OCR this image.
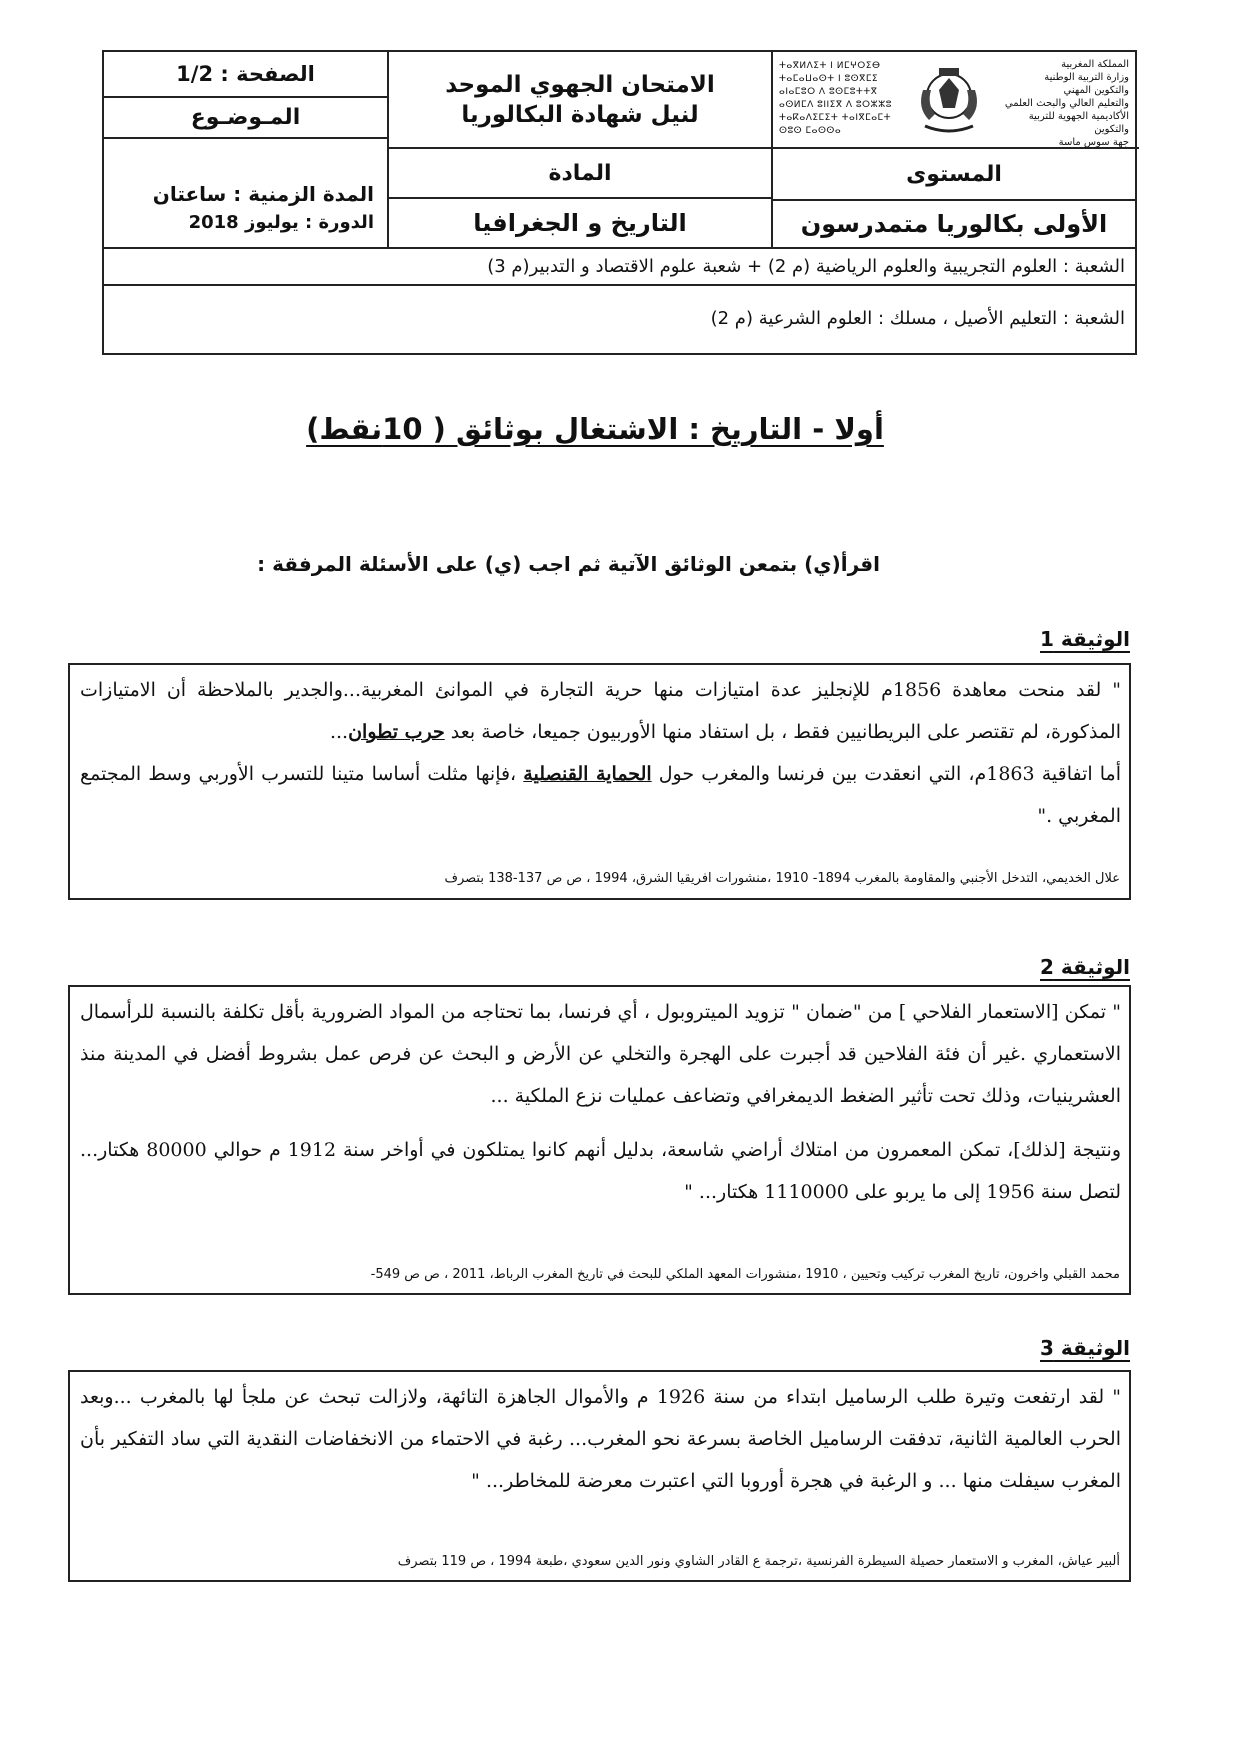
الصفحة : 1/2
المـوضـوع
المدة الزمنية : ساعتان
الدورة : يوليوز 2018
الامتحان الجهوي الموحد
لنيل شهادة البكالوريا
المادة
التاريخ و الجغرافيا
ⵜⴰⴳⵍⴷⵉⵜ ⵏ ⵍⵎⵖⵔⵉⴱ
ⵜⴰⵎⴰⵡⴰⵙⵜ ⵏ ⵓⵙⴳⵎⵉ
ⴰⵏⴰⵎⵓⵔ ⴷ ⵓⵙⵎⵓⵜⵜⴳ
ⴰⵙⵍⵎⴷ ⵓⵏⵏⵉⴳ ⴷ ⵓⵔⵣⵣⵓ
ⵜⴰⴽⴰⴷⵉⵎⵉⵜ ⵜⴰⵏⴳⵎⴰⵎⵜ
ⵙⵓⵙ ⵎⴰⵙⵙⴰ
المملكة المغربية
وزارة التربية الوطنية
والتكوين المهني
والتعليم العالي والبحث العلمي
الأكاديمية الجهوية للتربية والتكوين
جهة سوس ماسة
المستوى
الأولى بكالوريا متمدرسون
الشعبة : العلوم التجريبية والعلوم الرياضية (م 2) + شعبة علوم الاقتصاد و التدبير(م 3)
الشعبة : التعليم الأصيل ، مسلك : العلوم الشرعية (م 2)
أولا - التاريخ : الاشتغال بوثائق ( 10نقط)
اقرأ(ي) بتمعن الوثائق الآتية ثم اجب (ي) على الأسئلة المرفقة :
الوثيقة 1

" لقد منحت معاهدة 1856م للإنجليز عدة امتيازات منها حرية التجارة في الموانئ المغربية...والجدير بالملاحظة أن الامتيازات المذكورة، لم تقتصر على البريطانيين فقط ، بل استفاد منها الأوربيون جميعا، خاصة بعد حرب تطوان...

أما اتفاقية 1863م، التي انعقدت بين فرنسا والمغرب حول الحماية القنصلية ،فإنها مثلت أساسا متينا للتسرب الأوربي وسط المجتمع المغربي ."

علال الخديمي، التدخل الأجنبي والمقاومة بالمغرب 1894- 1910 ،منشورات افريقيا الشرق، 1994 ، ص ص 137-138 بتصرف
الوثيقة 2

" تمكن [الاستعمار الفلاحي ] من "ضمان " تزويد الميتروبول ، أي فرنسا، بما تحتاجه من المواد الضرورية بأقل تكلفة بالنسبة للرأسمال الاستعماري .غير أن فئة الفلاحين قد أجبرت على الهجرة والتخلي عن الأرض و البحث عن فرص عمل بشروط أفضل في المدينة منذ العشرينيات، وذلك تحت تأثير الضغط الديمغرافي وتضاعف عمليات نزع الملكية ...

ونتيجة [لذلك]، تمكن المعمرون من امتلاك أراضي شاسعة، بدليل أنهم كانوا يمتلكون في أواخر سنة 1912 م حوالي 80000 هكتار... لتصل سنة 1956 إلى ما يربو على 1110000 هكتار... "

محمد القبلي واخرون، تاريخ المغرب تركيب وتحيين ، 1910 ،منشورات المعهد الملكي للبحث في تاريخ المغرب الرباط، 2011 ، ص ص 549-
الوثيقة 3

" لقد ارتفعت وتيرة طلب الرساميل ابتداء من سنة 1926 م والأموال الجاهزة التائهة، ولازالت تبحث عن ملجأ لها بالمغرب ...وبعد الحرب العالمية الثانية، تدفقت الرساميل الخاصة بسرعة نحو المغرب... رغبة في الاحتماء من الانخفاضات النقدية التي ساد التفكير بأن المغرب سيفلت منها ... و الرغبة في هجرة أوروبا التي اعتبرت معرضة للمخاطر... "

ألبير عياش، المغرب و الاستعمار حصيلة السيطرة الفرنسية ،ترجمة ع القادر الشاوي ونور الدين سعودي ،طبعة 1994 ، ص 119 بتصرف
